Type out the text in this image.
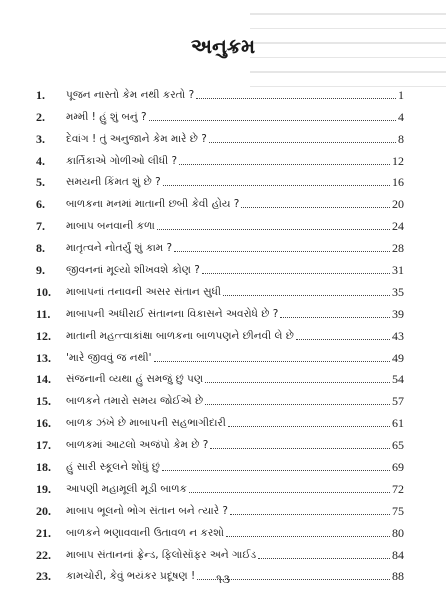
અનુક્રમ
1.	પૂજન નાસ્તો કેમ નથી કરતો ?	1
2.	મમ્મી ! હું શું બનું ?	4
3.	દેવાંગ ! તું અનુજાને કેમ મારે છે ?	8
4.	કાર્તિકાએ ગોળીઓ લીધી ?	12
5.	સમયની કિંમત શું છે ?	16
6.	બાળકના મનમાં માતાની છબી કેવી હોય ?	20
7.	માબાપ બનવાની કળા	24
8.	માતૃત્વને નોતર્યું શું કામ ?	28
9.	જીવનનાં મૂલ્યો શીખવશે કોણ ?	31
10.	માબાપનાં તનાવની અસર સંતાન સુધી	35
11.	માબાપની અધીરાઈ સંતાનના વિકાસને અવરોધે છે ?	39
12.	માતાની મહત્ત્વાકાંક્ષા બાળકના બાળપણને છીનવી લે છે	43
13.	'મારે જીવવું જ નથી'	49
14.	સંજનાની વ્યથા હું સમજું છું પણ	54
15.	બાળકને તમારો સમય જોઈએ છે	57
16.	બાળક ઝંખે છે માબાપની સહભાગીદારી	61
17.	બાળકમાં આટલો અજંપો કેમ છે ?	65
18.	હું સારી સ્કૂલને શોધું છું	69
19.	આપણી મહામૂલી મૂડી બાળક	72
20.	માબાપ ભૂલનો ભોગ સંતાન બને ત્યારે ?	75
21.	બાળકને ભણાવવાની ઉતાવળ ન કરશો	80
22.	માબાપ સંતાનનાં ફ્રેન્ડ, ફિલોસૉફર અને ગાઈડ	84
23.	કામચોરી, કેવું ભયંકર પ્રદૂષણ !	88
૧૩
